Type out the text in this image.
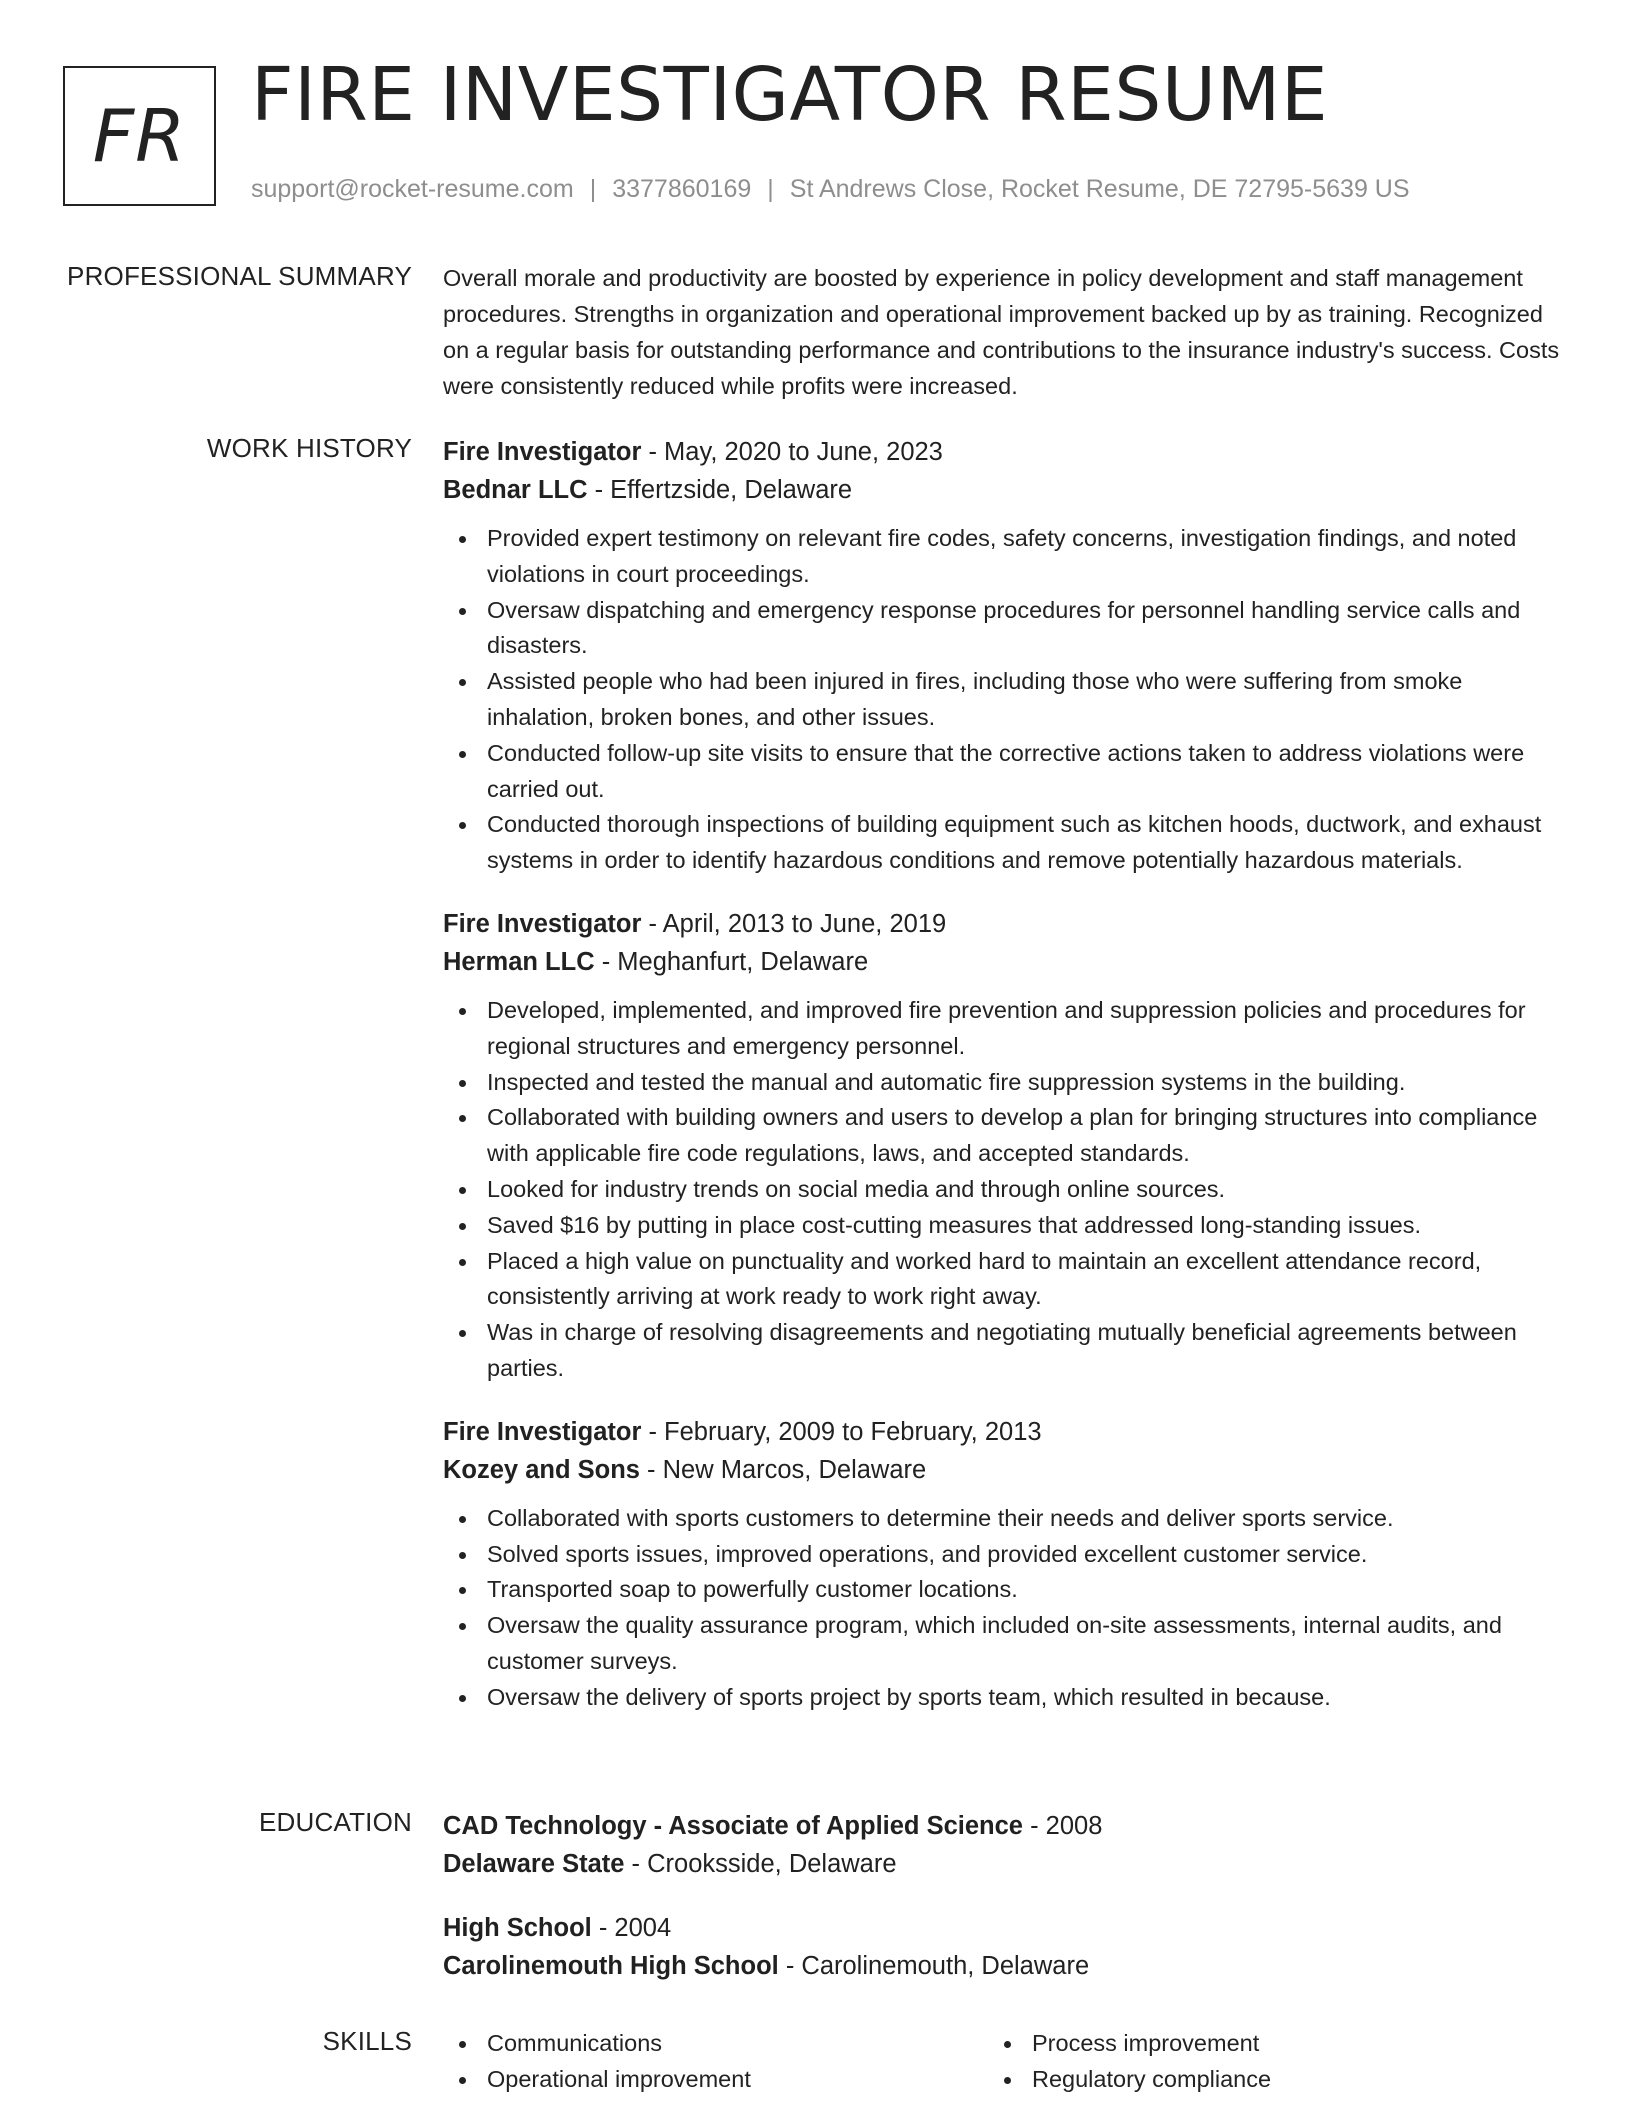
FR FIRE INVESTIGATOR RESUME
support@rocket-resume.com | 3377860169 | St Andrews Close, Rocket Resume, DE 72795-5639 US
PROFESSIONAL SUMMARY Overall morale and productivity are boosted by experience in policy development and staff management procedures. Strengths in organization and operational improvement backed up by as training. Recognized on a regular basis for outstanding performance and contributions to the insurance industry's success. Costs were consistently reduced while profits were increased.

WORK HISTORY Fire Investigator - May, 2020 to June, 2023
Bednar LLC - Effertzside, Delaware
Provided expert testimony on relevant fire codes, safety concerns, investigation findings, and noted violations in court proceedings.
Oversaw dispatching and emergency response procedures for personnel handling service calls and disasters.
Assisted people who had been injured in fires, including those who were suffering from smoke inhalation, broken bones, and other issues.
Conducted follow-up site visits to ensure that the corrective actions taken to address violations were carried out.
Conducted thorough inspections of building equipment such as kitchen hoods, ductwork, and exhaust systems in order to identify hazardous conditions and remove potentially hazardous materials.
Fire Investigator - April, 2013 to June, 2019
Herman LLC - Meghanfurt, Delaware
Developed, implemented, and improved fire prevention and suppression policies and procedures for regional structures and emergency personnel.
Inspected and tested the manual and automatic fire suppression systems in the building.
Collaborated with building owners and users to develop a plan for bringing structures into compliance with applicable fire code regulations, laws, and accepted standards.
Looked for industry trends on social media and through online sources.
Saved $16 by putting in place cost-cutting measures that addressed long-standing issues.
Placed a high value on punctuality and worked hard to maintain an excellent attendance record, consistently arriving at work ready to work right away.
Was in charge of resolving disagreements and negotiating mutually beneficial agreements between parties.
Fire Investigator - February, 2009 to February, 2013
Kozey and Sons - New Marcos, Delaware
Collaborated with sports customers to determine their needs and deliver sports service.
Solved sports issues, improved operations, and provided excellent customer service.
Transported soap to powerfully customer locations.
Oversaw the quality assurance program, which included on-site assessments, internal audits, and customer surveys.
Oversaw the delivery of sports project by sports team, which resulted in because.
EDUCATION CAD Technology - Associate of Applied Science - 2008
Delaware State - Crooksside, Delaware
High School - 2004
Carolinemouth High School - Carolinemouth, Delaware
SKILLS	Communications	Process improvement
Operational improvement	Regulatory compliance
